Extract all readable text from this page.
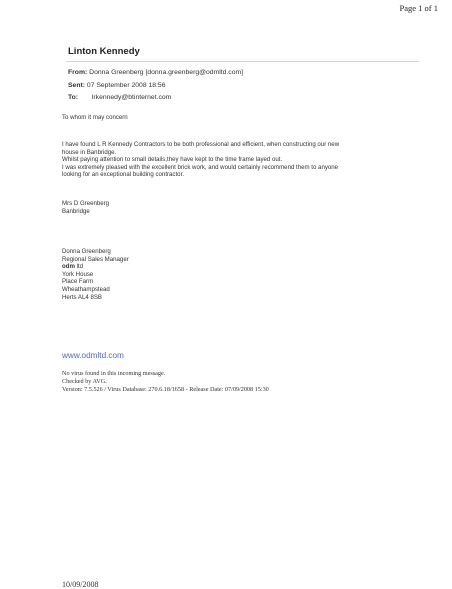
Page 1 of 1
Linton Kennedy
From: Donna Greenberg [donna.greenberg@odmltd.com]
Sent: 07 September 2008 18:56
To: lrkennedy@btinternet.com
To whom it may concern

I have found L R Kennedy Contractors to be both professional and efficient, when constructing our new

house in Banbridge.

Whilst paying attention to small details,they have kept to the time frame layed out.

I was extremely pleased with the excellent brick work, and would certainly recommend them to anyone

looking for an exceptional building contractor.

Mrs D Greenberg

Banbridge

Donna Greenberg

Regional Sales Manager

odm ltd

York House

Place Farm

Wheathampstead

Herts AL4 8SB

www.odmltd.com

No virus found in this incoming message.

Checked by AVG.

Version: 7.5.526 / Virus Database: 270.6.18/1658 - Release Date: 07/09/2008 15:30

10/09/2008
